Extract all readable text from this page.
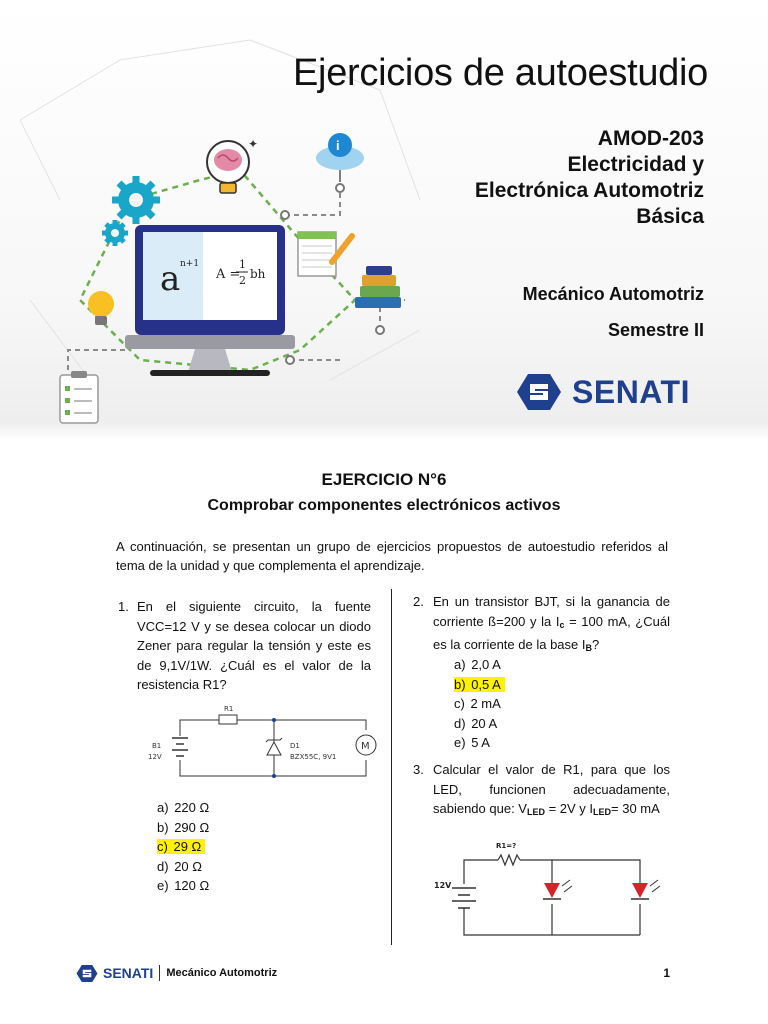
a n+1
A =
1
2 bh
✦	i
Ejercicios de autoestudio
AMOD-203
Electricidad y
Electrónica Automotriz
Básica
Mecánico Automotriz
Semestre II
SENATI
EJERCICIO N°6
Comprobar componentes electrónicos activos
A continuación, se presentan un grupo de ejercicios propuestos de autoestudio referidos al tema de la unidad y que complementa el aprendizaje.
1. En el siguiente circuito, la fuente VCC=12 V y se desea colocar un diodo Zener para regular la tensión y este es de 9,1V/1W. ¿Cuál es el valor de la resistencia R1?
M
R1
B1
12V
D1
BZX55C, 9V1
a) 220 Ω
b) 290 Ω
c) 29 Ω
d) 20 Ω
e) 120 Ω
2. En un transistor BJT, si la ganancia de corriente ß=200 y la $I_c = 100$ mA, ¿Cuál es la corriente de la base $I_B$?
a) 2,0 A
b) 0,5 A
c) 2 mA
d) 20 A
e) 5 A
3. Calcular el valor de R1, para que los LED, funcionen adecuadamente, sabiendo que: $V_{LED} = 2V$ y $I_{LED}= 30$ mA
R1=?
12V
SENATI Mecánico Automotriz	1
